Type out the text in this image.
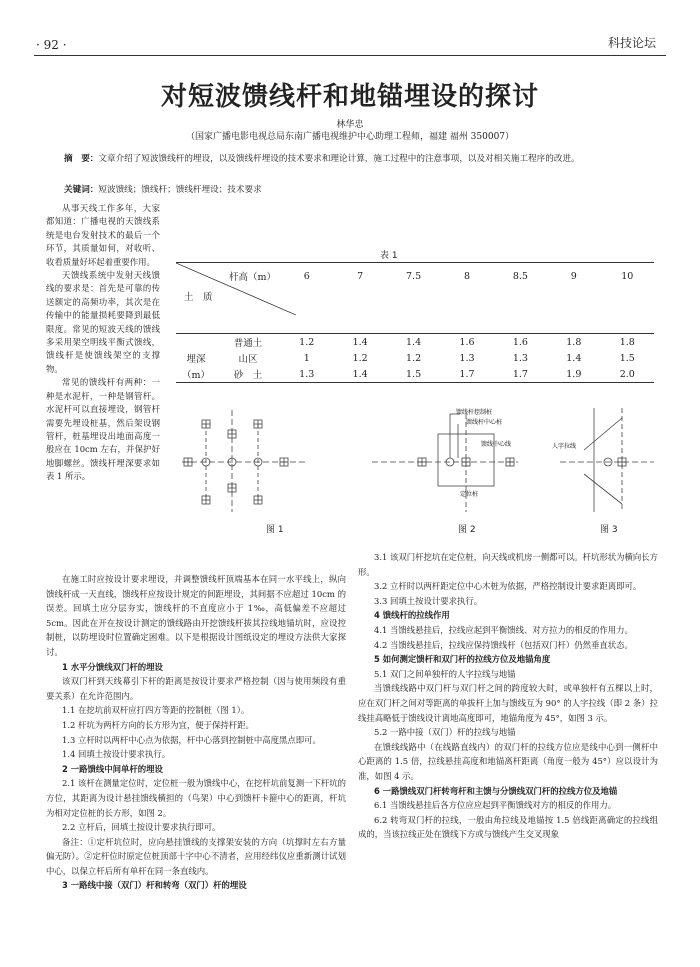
· 92 ·	科技论坛
对短波馈线杆和地锚埋设的探讨
林华忠
（国家广播电影电视总局东南广播电视维护中心助理工程师，福建 福州 350007）
摘　要：文章介绍了短波馈线杆的埋设，以及馈线杆埋设的技术要求和理论计算，施工过程中的注意事项，以及对相关施工程序的改进。
关键词：短波馈线；馈线杆；馈线杆埋设；技术要求

从事天线工作多年，大家都知道：广播电视的天馈线系统是电台发射技术的最后一个环节，其质量如何，对收听、收看质量好坏起着重要作用。

天馈线系统中发射天线馈线的要求是：首先是可靠的传送额定的高频功率，其次是在传输中的能量损耗要降到最低限度。常见的短波天线的馈线多采用架空明线平衡式馈线，馈线杆是使馈线架空的支撑物。

常见的馈线杆有两种：一种是水泥杆，一种是钢管杆。水泥杆可以直接埋设，钢管杆需要先埋设桩基，然后架设钢管杆，桩基埋设出地面高度一般应在 10cm 左右，并保护好地脚螺丝。馈线杆埋深要求如表 1 所示。

表 1
杆高（m）		6	7	7.5	8	8.5	9	10
土　质								
	普通土	1.2	1.4	1.4	1.6	1.6	1.8	1.8
埋深	山区	1	1.2	1.2	1.3	1.3	1.4	1.5
（m）	砂　土	1.3	1.4	1.5	1.7	1.7	1.9	2.0
馈线杆控制桩
馈线杆中心桩
馈线中心线
定位桩
人字拉线
图 1	图 2	图 3

在施工时应按设计要求埋设，并调整馈线杆顶端基本在同一水平线上，纵向馈线杆成一天直线，馈线杆应按设计规定的间距埋设，其间据不应超过 10cm 的误差。回填土应分层夯实，馈线杆的不直度应小于 1‰，高低偏差不应超过 5cm。因此在开在按设计测定的馈线路由开挖馈线杆拔其拉线地锚坑时，应设控制桩，以防埋设时位置确定困难。以下是根据设计图纸设定的埋设方法供大家探讨。

1 水平分馈线双门杆的埋设

该双门杆到天线幕引下杆的距离是按设计要求严格控制（因与使用频段有重要关系）在允许范围内。

1.1 在挖坑前双杆应打四方等距的控制桩（图 1）。

1.2 杆坑为两杆方向的长方形为宜，便于保持杆距。

1.3 立杆时以两杆中心点为依据，杆中心落到控制桩中高度黑点即可。

1.4 回填土按设计要求执行。

2 一路馈线中间单杆的埋设

2.1 该杆在测量定位时，定位桩一般为馈线中心，在挖杆坑前复测一下杆坑的方位，其距离为设计悬挂馈线横担的（鸟架）中心到馈杆卡箍中心的距离，杆坑为相对定位桩的长方形，如图 2。

2.2 立杆后，回填土按设计要求执行即可。

备注：①定杆坑位时，应向悬挂馈线的支撑架安装的方向（坑撑时左右方量偏无防）。②定杆位时原定位桩顶部十字中心不清者，应用经纬仪应重新测计试划中心，以保立杆后所有单杆在同一条直线内。

3 一路线中接（双门）杆和转弯（双门）杆的埋设

3.1 该双门杆挖坑在定位桩，向天线或机房一侧都可以。杆坑形状为横向长方形。

3.2 立杆时以两杆距定位中心木桩为依据，严格控制设计要求距离即可。

3.3 回填土按设计要求执行。

4 馈线杆的拉线作用

4.1 当馈线悬挂后，拉线应起到平衡馈线、对方拉力的相反的作用力。

4.2 当馈线悬挂后，拉线应保持馈线杆（包括双门杆）仍然垂直状态。

5 如何测定馈杆和双门杆的拉线方位及地锚角度

5.1 双门之间单独杆的人字拉线与地锚

当馈线线路中双门杆与双门杆之间的跨度较大时，或单独杆有五棵以上时，应在双门杆之间对等距离的单拔杆上加与馈线互为 90° 的人字拉线（即 2 条）拉线挂高略低于馈线设计离地高度即可，地锚角度为 45°，如图 3 示。

5.2 一路中接（双门）杆的拉线与地锚

在馈线线路中（在线路直线内）的双门杆的拉线方位应是线中心到一侧杆中心距离的 1.5 倍，拉线悬挂高度和地锚离杆距离（角度一般为 45°）应以设计为准，如图 4 示。

6 一路馈线双门杆转弯杆和主馈与分馈线双门杆的拉线方位及地锚

6.1 当馈线悬挂后各方位应应起到平衡馈线对方的相反的作用力。

6.2 转弯双门杆的拉线，一般由角拉线及地锚按 1.5 倍线距离确定的拉线组成的，当该拉线正处在馈线下方或与馈线产生交叉现象
